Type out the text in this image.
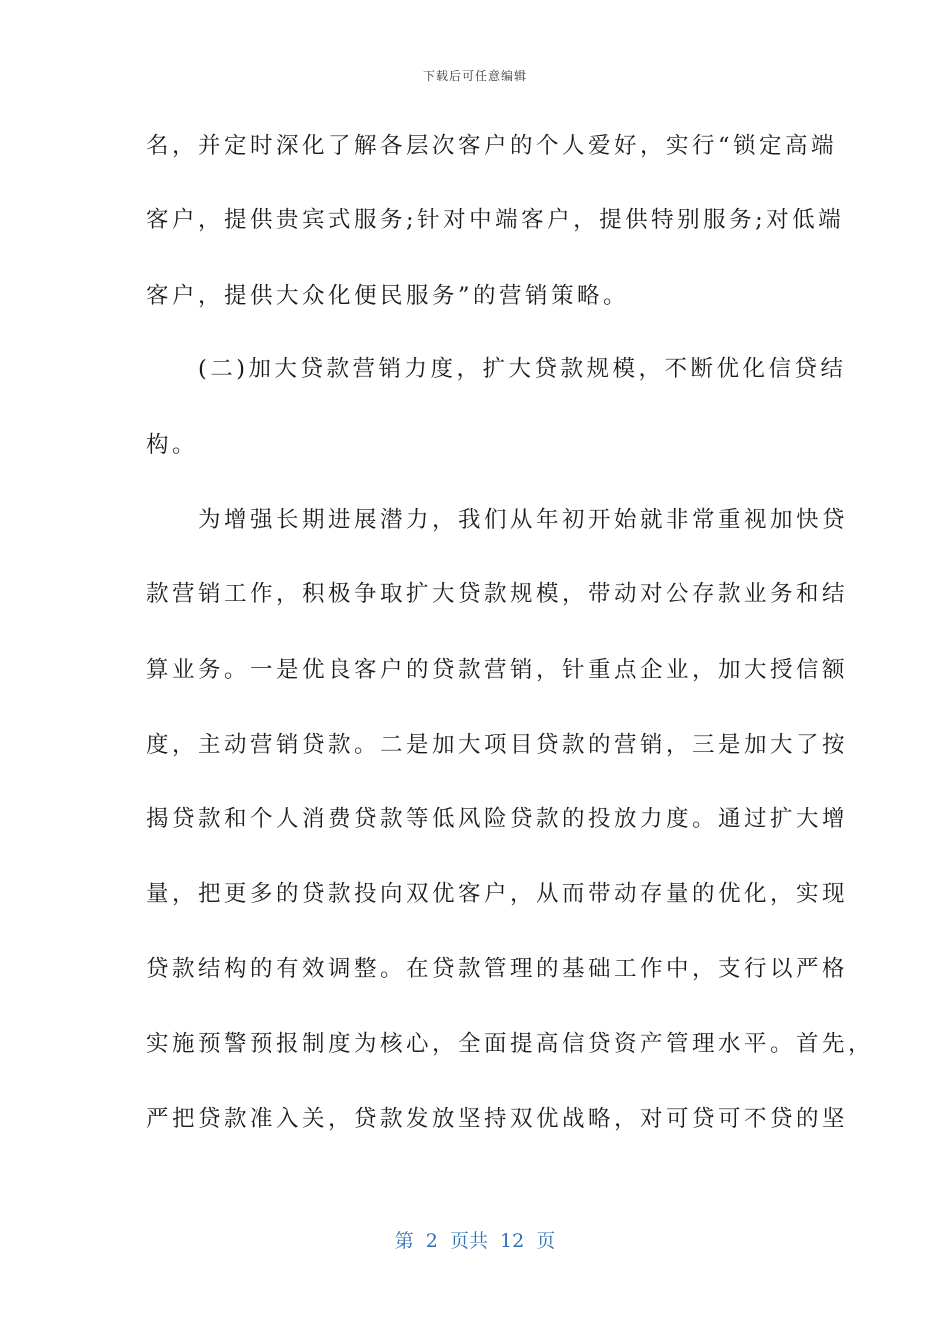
下载后可任意编辑
名，并定时深化了解各层次客户的个人爱好，实行“锁定高端
客户，提供贵宾式服务;针对中端客户，提供特别服务;对低端
客户，提供大众化便民服务”的营销策略。
　　(二)加大贷款营销力度，扩大贷款规模，不断优化信贷结
构。
　　为增强长期进展潜力，我们从年初开始就非常重视加快贷
款营销工作，积极争取扩大贷款规模，带动对公存款业务和结
算业务。一是优良客户的贷款营销，针重点企业，加大授信额
度，主动营销贷款。二是加大项目贷款的营销，三是加大了按
揭贷款和个人消费贷款等低风险贷款的投放力度。通过扩大增
量，把更多的贷款投向双优客户，从而带动存量的优化，实现
贷款结构的有效调整。在贷款管理的基础工作中，支行以严格
实施预警预报制度为核心，全面提高信贷资产管理水平。首先，
严把贷款准入关，贷款发放坚持双优战略，对可贷可不贷的坚
第  2  页共  12  页
